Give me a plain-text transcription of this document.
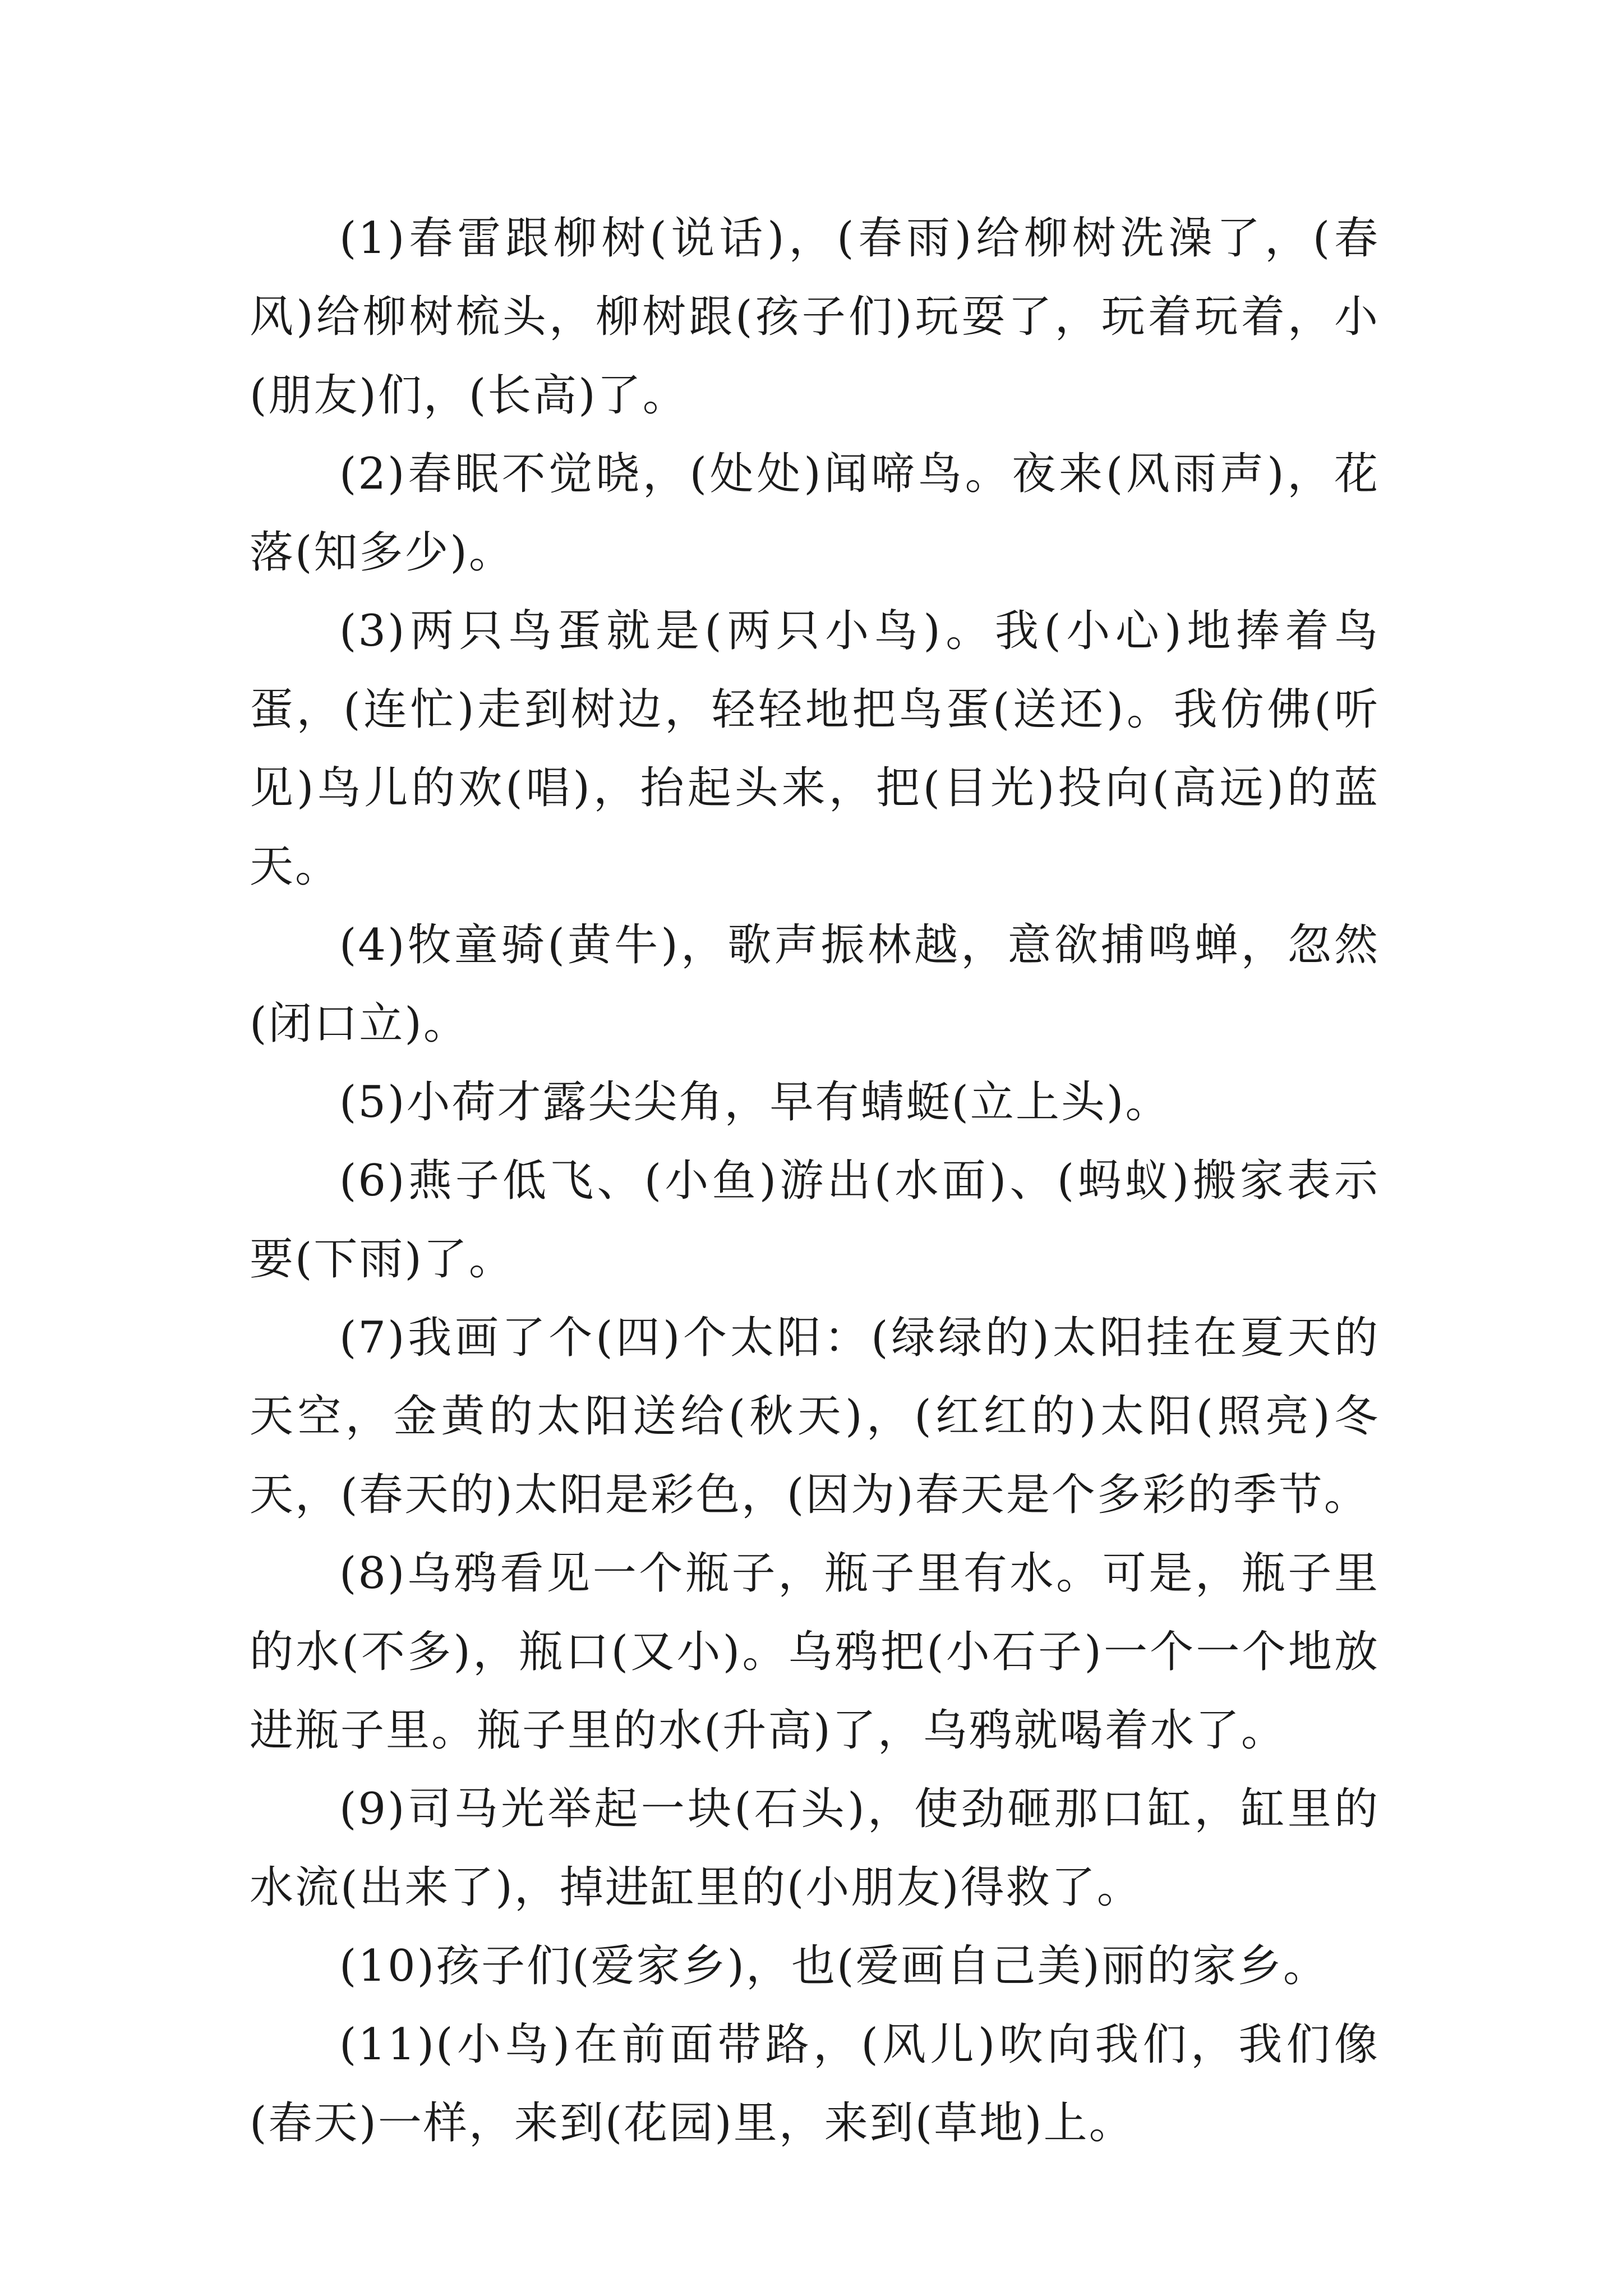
(1)春雷跟柳树(说话)，(春雨)给柳树洗澡了，(春风)给柳树梳头，柳树跟(孩子们)玩耍了，玩着玩着，小(朋友)们，(长高)了。

(2)春眠不觉晓，(处处)闻啼鸟。夜来(风雨声)，花落(知多少)。

(3)两只鸟蛋就是(两只小鸟)。我(小心)地捧着鸟蛋，(连忙)走到树边，轻轻地把鸟蛋(送还)。我仿佛(听见)鸟儿的欢(唱)，抬起头来，把(目光)投向(高远)的蓝天。

(4)牧童骑(黄牛)，歌声振林越，意欲捕鸣蝉，忽然(闭口立)。

(5)小荷才露尖尖角，早有蜻蜓(立上头)。

(6)燕子低飞、(小鱼)游出(水面)、(蚂蚁)搬家表示要(下雨)了。

(7)我画了个(四)个太阳：(绿绿的)太阳挂在夏天的天空，金黄的太阳送给(秋天)，(红红的)太阳(照亮)冬天，(春天的)太阳是彩色，(因为)春天是个多彩的季节。

(8)乌鸦看见一个瓶子，瓶子里有水。可是，瓶子里的水(不多)，瓶口(又小)。乌鸦把(小石子)一个一个地放进瓶子里。瓶子里的水(升高)了，乌鸦就喝着水了。

(9)司马光举起一块(石头)，使劲砸那口缸，缸里的水流(出来了)，掉进缸里的(小朋友)得救了。

(10)孩子们(爱家乡)，也(爱画自己美)丽的家乡。

(11)(小鸟)在前面带路，(风儿)吹向我们，我们像(春天)一样，来到(花园)里，来到(草地)上。
